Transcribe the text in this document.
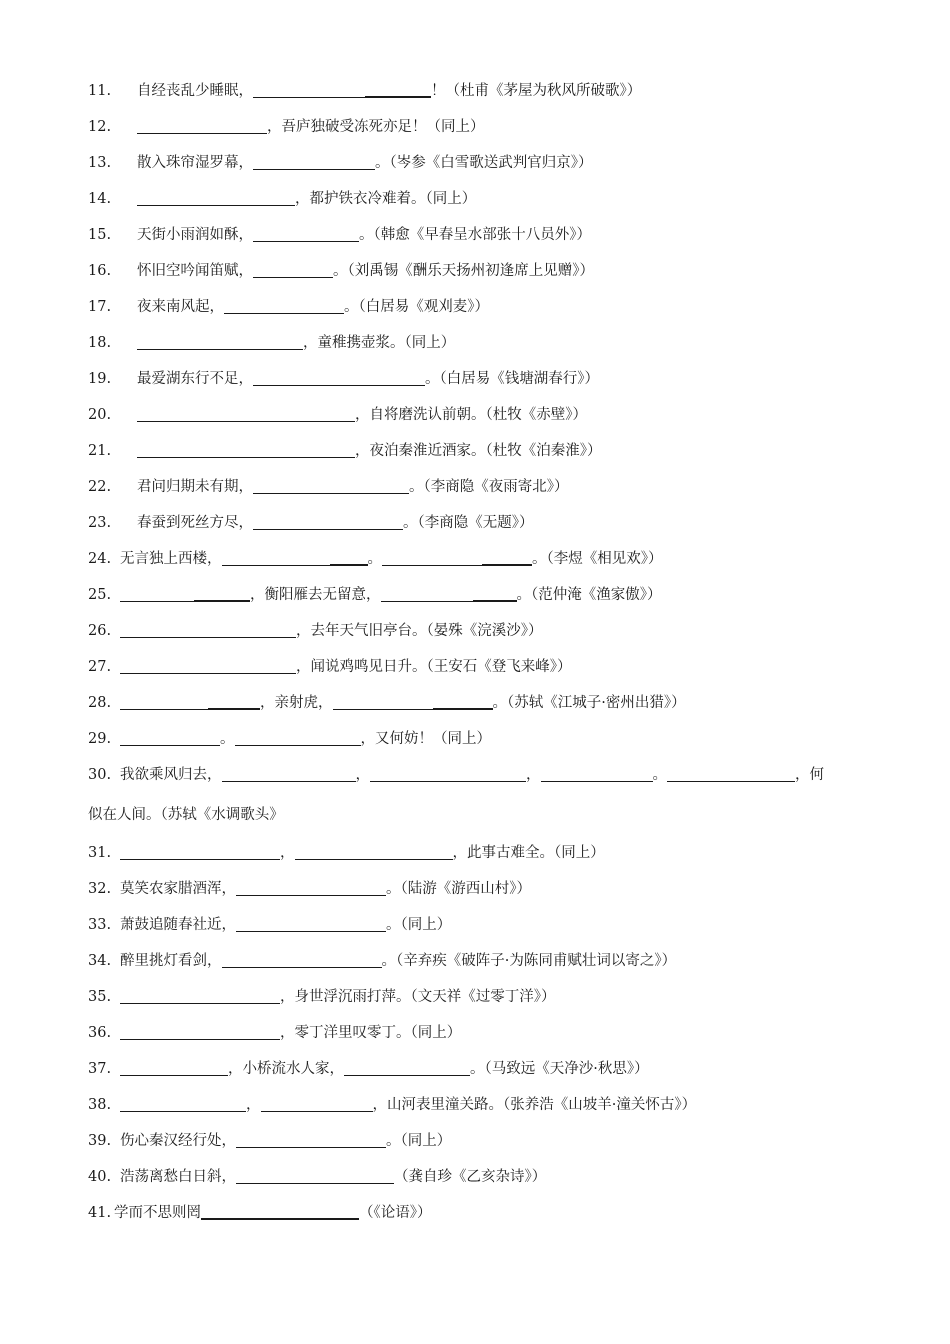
11. 自经丧乱少睡眠，	！（杜甫《茅屋为秋风所破歌》）
12.	，吾庐独破受冻死亦足！（同上）
13. 散入珠帘湿罗幕，	。（岑参《白雪歌送武判官归京》）
14.	，都护铁衣冷难着。（同上）
15. 天街小雨润如酥，	。（韩愈《早春呈水部张十八员外》）
16. 怀旧空吟闻笛赋，	。（刘禹锡《酬乐天扬州初逢席上见赠》）
17. 夜来南风起，	。（白居易《观刈麦》）
18.	，童稚携壶浆。（同上）
19. 最爱湖东行不足，	。（白居易《钱塘湖春行》）
20.	，自将磨洗认前朝。（杜牧《赤壁》）
21.	，夜泊秦淮近酒家。（杜牧《泊秦淮》）
22. 君问归期未有期，	。（李商隐《夜雨寄北》）
23. 春蚕到死丝方尽，	。（李商隐《无题》）
24. 无言独上西楼，	。	。（李煜《相见欢》）
25.	，衡阳雁去无留意，	。（范仲淹《渔家傲》）
26.	，去年天气旧亭台。（晏殊《浣溪沙》）
27.	，闻说鸡鸣见日升。（王安石《登飞来峰》）
28.	，亲射虎，	。（苏轼《江城子·密州出猎》）
29.	。	，又何妨！（同上）
30. 我欲乘风归去，	，	，	。	，何
似在人间。（苏轼《水调歌头》
31.	，	，此事古难全。（同上）
32. 莫笑农家腊酒浑，	。（陆游《游西山村》）
33. 萧鼓追随春社近，	。（同上）
34. 醉里挑灯看剑，	。（辛弃疾《破阵子·为陈同甫赋壮词以寄之》）
35.	，身世浮沉雨打萍。（文天祥《过零丁洋》）
36.	，零丁洋里叹零丁。（同上）
37.	，小桥流水人家，	。（马致远《天净沙·秋思》）
38.	，	，山河表里潼关路。（张养浩《山坡羊·潼关怀古》）
39. 伤心秦汉经行处，	。（同上）
40. 浩荡离愁白日斜，	（龚自珍《乙亥杂诗》）
41. 学而不思则罔	（《论语》）
